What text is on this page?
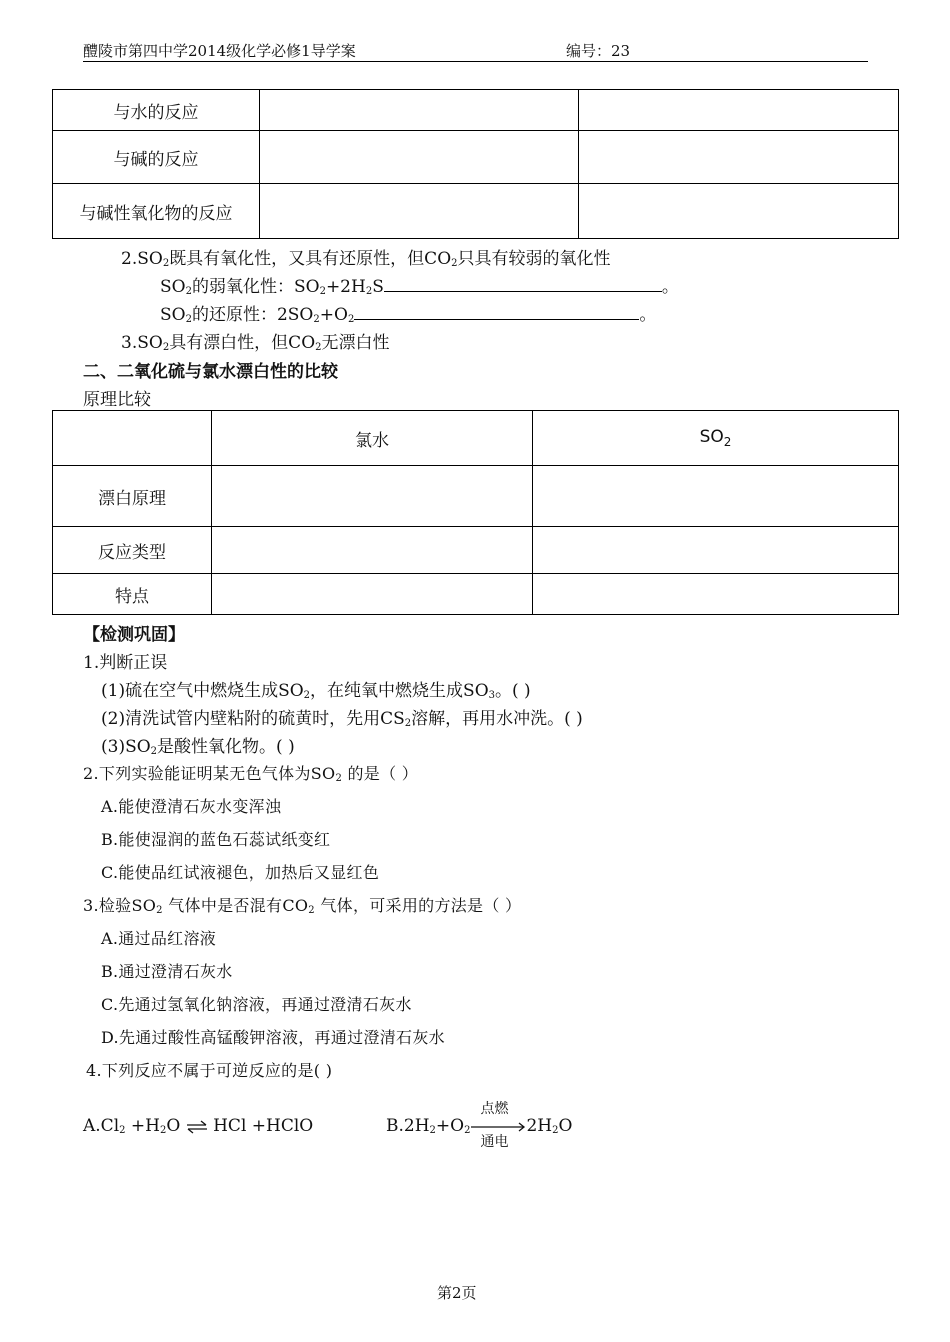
醴陵市第四中学2014级化学必修1导学案	编号：23
与水的反应		
与碱的反应		
与碱性氧化物的反应		
$2.SO_2$既具有氧化性，又具有还原性，但$CO_2$只具有较弱的氧化性
$SO_2$的弱氧化性：$SO_2+2H_2S$	。
$SO_2$的还原性：$2SO_2+O_2$	。
$3.SO_2$具有漂白性，但$CO_2$无漂白性
二、二氧化硫与氯水漂白性的比较
原理比较
	氯水	$SO_2$
漂白原理		
反应类型		
特点		
【检测巩固】
1.判断正误
(1)硫在空气中燃烧生成$SO_2$，在纯氧中燃烧生成$SO_3$。( )
(2)清洗试管内壁粘附的硫黄时，先用$CS_2$溶解，再用水冲洗。( )
$(3)SO_2$是酸性氧化物。( )
2.下列实验能证明某无色气体为$SO_2$ 的是（ ）
A.能使澄清石灰水变浑浊
B.能使湿润的蓝色石蕊试纸变红
C.能使品红试液褪色，加热后又显红色
3.检验$SO_2$ 气体中是否混有$CO_2$ 气体，可采用的方法是（ ）
A.通过品红溶液
B.通过澄清石灰水
C.先通过氢氧化钠溶液，再通过澄清石灰水
D.先通过酸性高锰酸钾溶液，再通过澄清石灰水
4.下列反应不属于可逆反应的是( )
$A.Cl_2 +H_2O$ ⇌ HCl +HClO	$B.2H_2+O_2$
点燃
通电
$2H_2O$
第2页
